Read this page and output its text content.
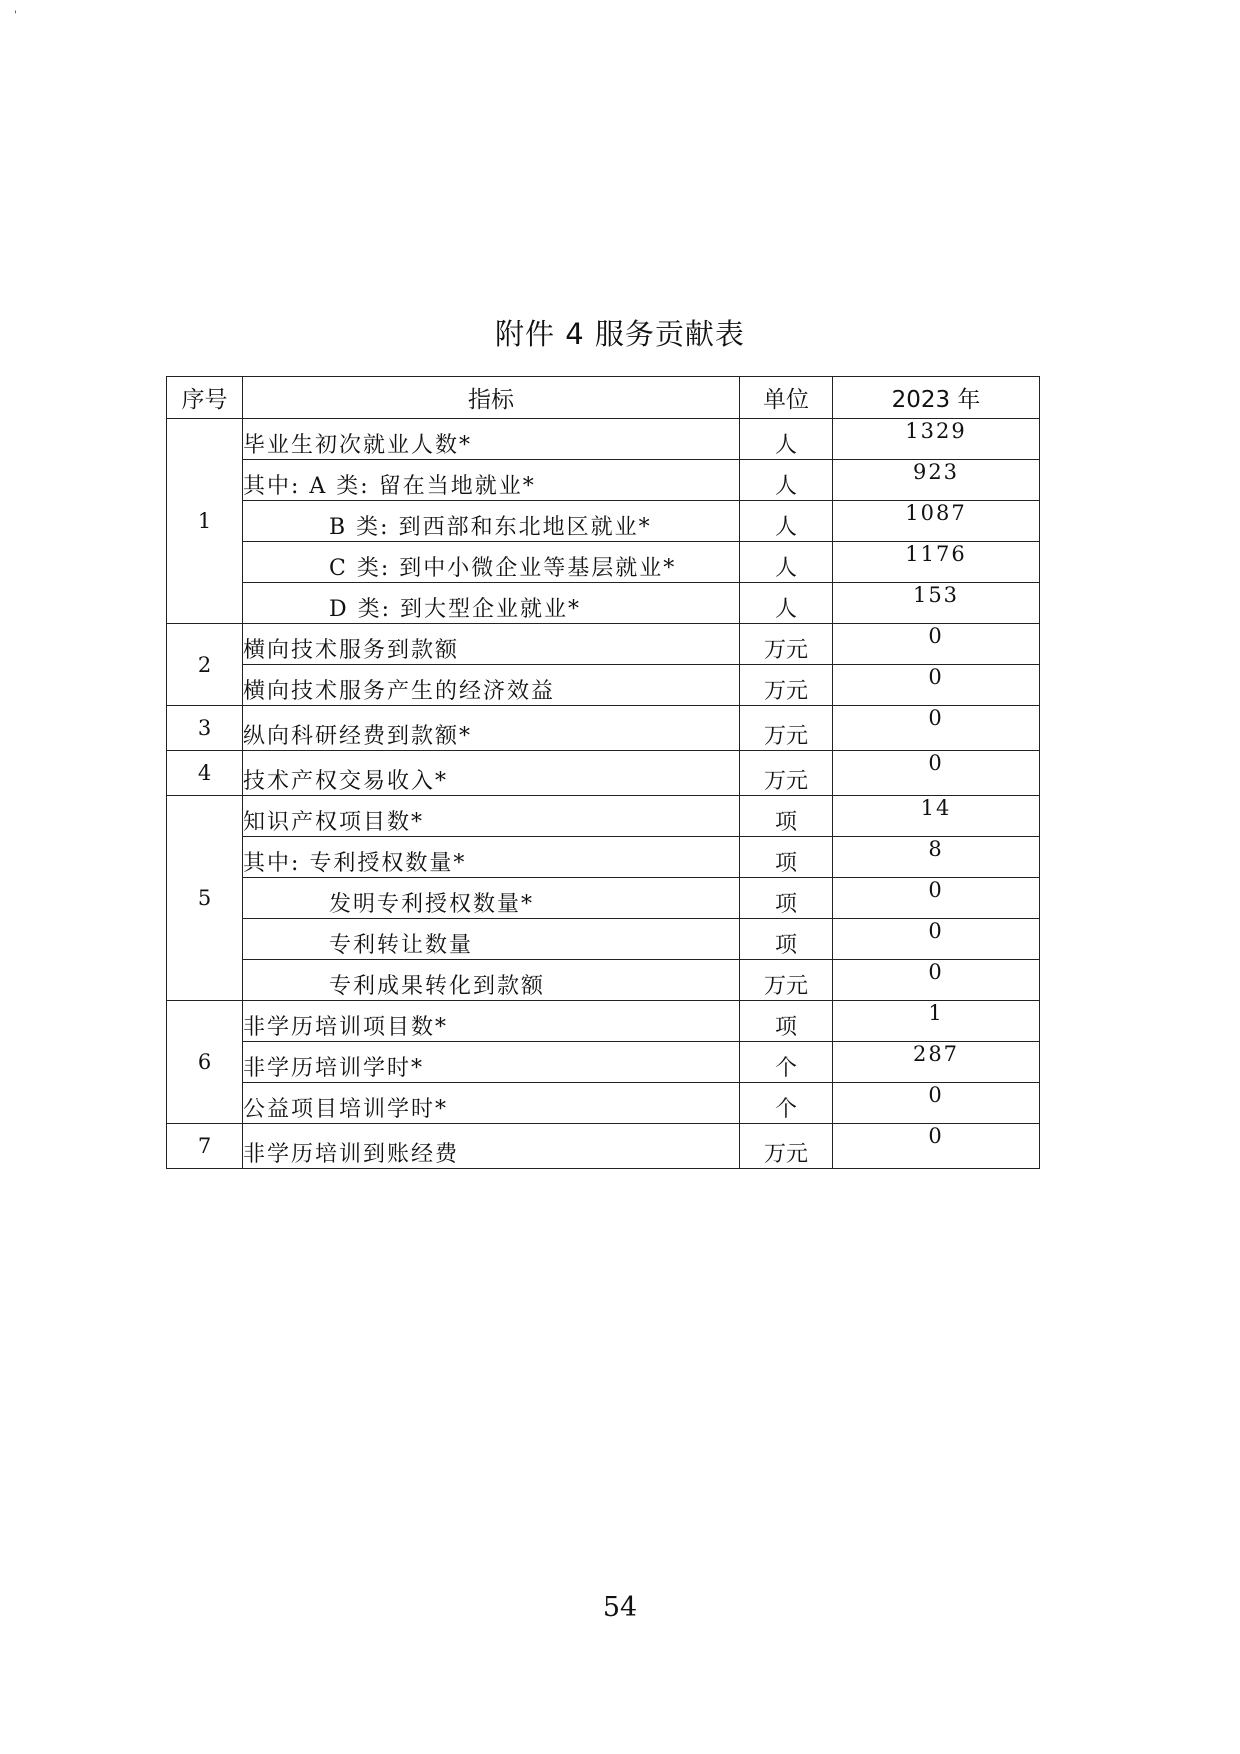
'
附件 4 服务贡献表
序号	指标	单位	2023 年
1	毕业生初次就业人数*	人	1329
	其中: A 类: 留在当地就业*	人	923
	B 类: 到西部和东北地区就业*	人	1087
	C 类: 到中小微企业等基层就业*	人	1176
	D 类: 到大型企业就业*	人	153
2	横向技术服务到款额	万元	0
	横向技术服务产生的经济效益	万元	0
3	纵向科研经费到款额*	万元	0
4	技术产权交易收入*	万元	0
5	知识产权项目数*	项	14
	其中: 专利授权数量*	项	8
	发明专利授权数量*	项	0
	专利转让数量	项	0
	专利成果转化到款额	万元	0
6	非学历培训项目数*	项	1
	非学历培训学时*	个	287
	公益项目培训学时*	个	0
7	非学历培训到账经费	万元	0
54
